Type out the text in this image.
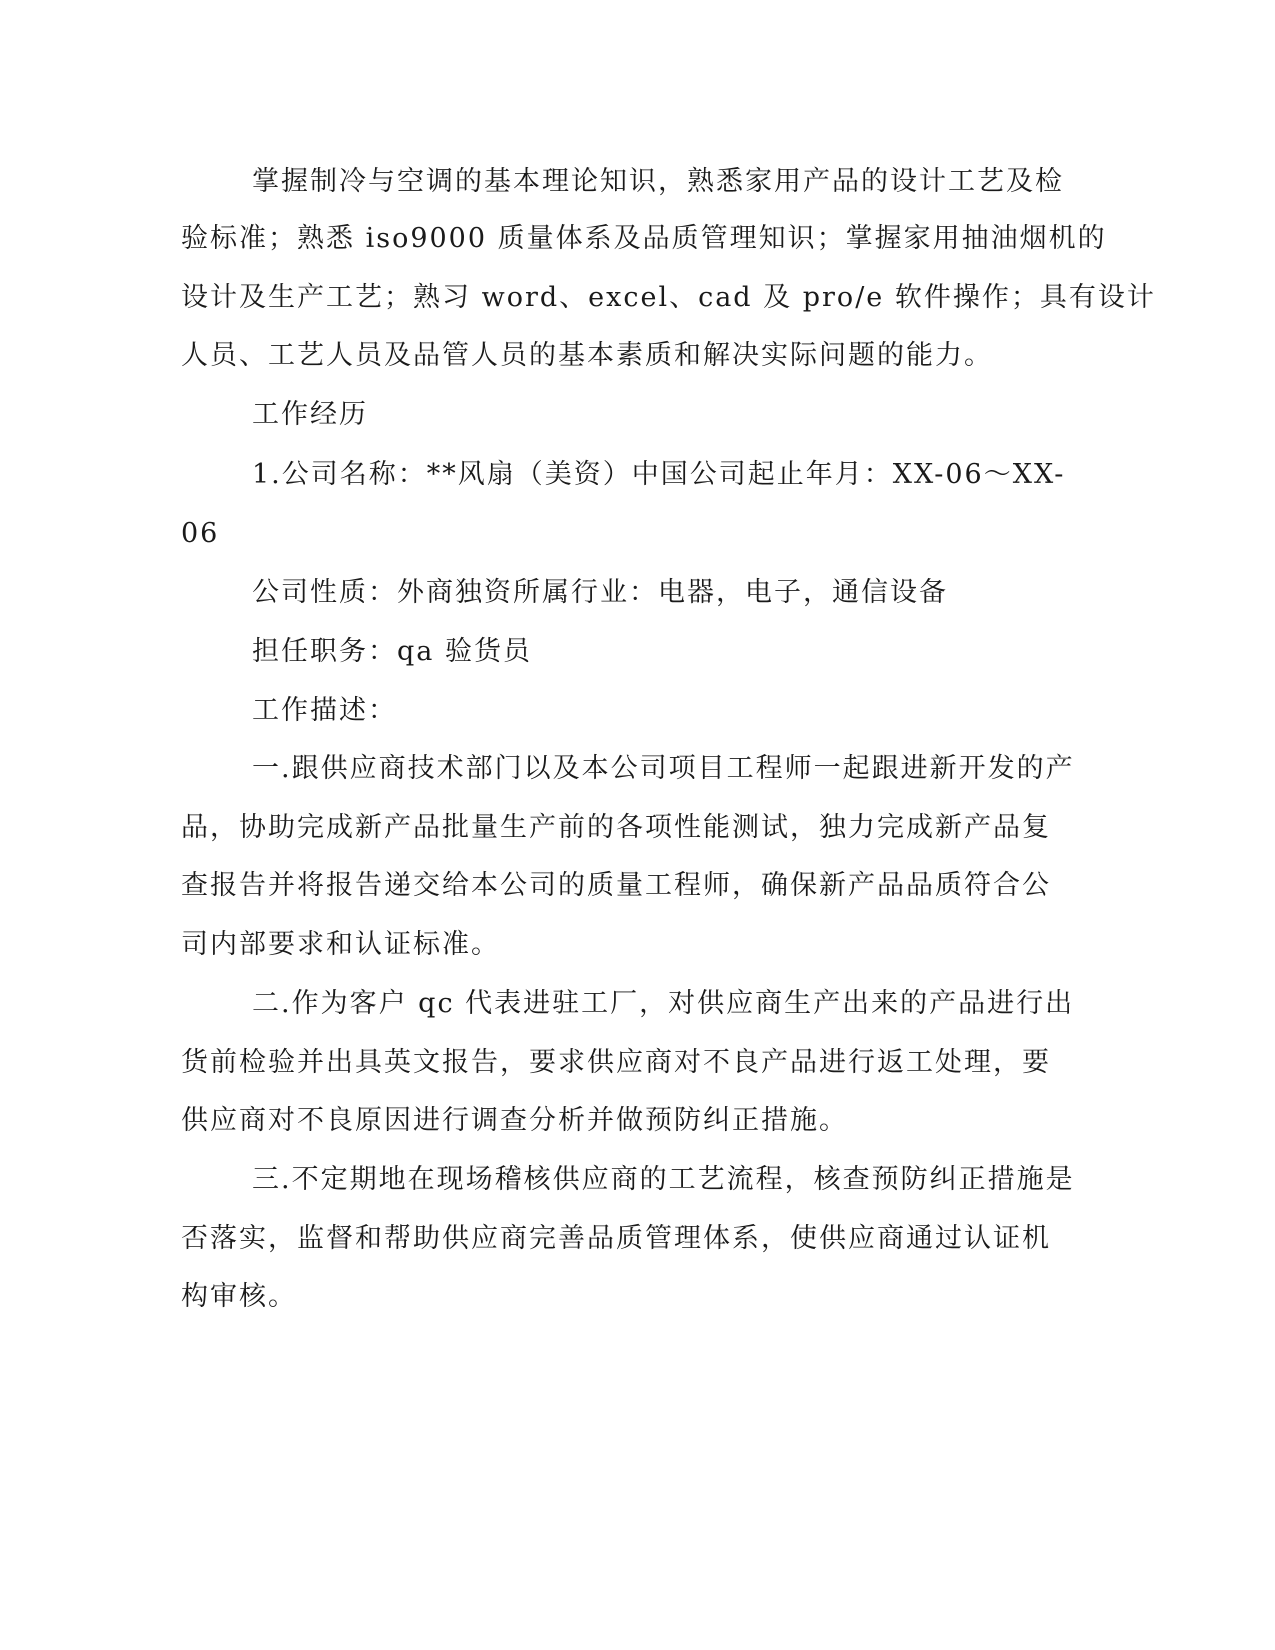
掌握制冷与空调的基本理论知识，熟悉家用产品的设计工艺及检
验标准；熟悉 iso9000 质量体系及品质管理知识；掌握家用抽油烟机的
设计及生产工艺；熟习 word、excel、cad 及 pro/e 软件操作；具有设计
人员、工艺人员及品管人员的基本素质和解决实际问题的能力。
工作经历
1.公司名称：**风扇（美资）中国公司起止年月：XX-06～XX-
06
公司性质：外商独资所属行业：电器，电子，通信设备
担任职务：qa 验货员
工作描述：
一.跟供应商技术部门以及本公司项目工程师一起跟进新开发的产
品，协助完成新产品批量生产前的各项性能测试，独力完成新产品复
查报告并将报告递交给本公司的质量工程师，确保新产品品质符合公
司内部要求和认证标准。
二.作为客户 qc 代表进驻工厂，对供应商生产出来的产品进行出
货前检验并出具英文报告，要求供应商对不良产品进行返工处理，要
供应商对不良原因进行调查分析并做预防纠正措施。
三.不定期地在现场稽核供应商的工艺流程，核查预防纠正措施是
否落实，监督和帮助供应商完善品质管理体系，使供应商通过认证机
构审核。
